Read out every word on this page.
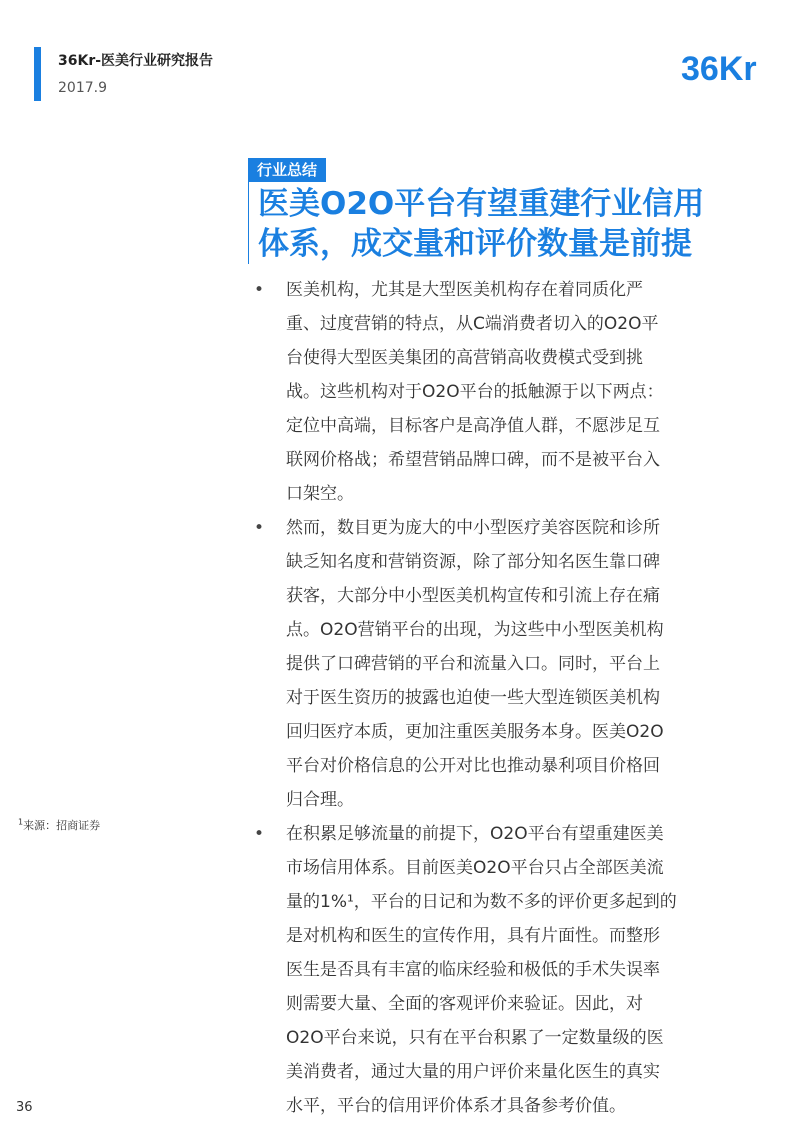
36Kr-医美行业研究报告
2017.9	36Kr
行业总结
医美O2O平台有望重建行业信用
体系，成交量和评价数量是前提
• 医美机构，尤其是大型医美机构存在着同质化严
重、过度营销的特点，从C端消费者切入的O2O平
台使得大型医美集团的高营销高收费模式受到挑
战。这些机构对于O2O平台的抵触源于以下两点：
定位中高端，目标客户是高净值人群，不愿涉足互
联网价格战；希望营销品牌口碑，而不是被平台入
口架空。
• 然而，数目更为庞大的中小型医疗美容医院和诊所
缺乏知名度和营销资源，除了部分知名医生靠口碑
获客，大部分中小型医美机构宣传和引流上存在痛
点。O2O营销平台的出现，为这些中小型医美机构
提供了口碑营销的平台和流量入口。同时，平台上
对于医生资历的披露也迫使一些大型连锁医美机构
回归医疗本质，更加注重医美服务本身。医美O2O
平台对价格信息的公开对比也推动暴利项目价格回
归合理。
• 在积累足够流量的前提下，O2O平台有望重建医美
市场信用体系。目前医美O2O平台只占全部医美流
量的1%¹，平台的日记和为数不多的评价更多起到的
是对机构和医生的宣传作用，具有片面性。而整形
医生是否具有丰富的临床经验和极低的手术失误率
则需要大量、全面的客观评价来验证。因此，对
O2O平台来说，只有在平台积累了一定数量级的医
美消费者，通过大量的用户评价来量化医生的真实
水平，平台的信用评价体系才具备参考价值。
$^1$来源：招商证券
36
